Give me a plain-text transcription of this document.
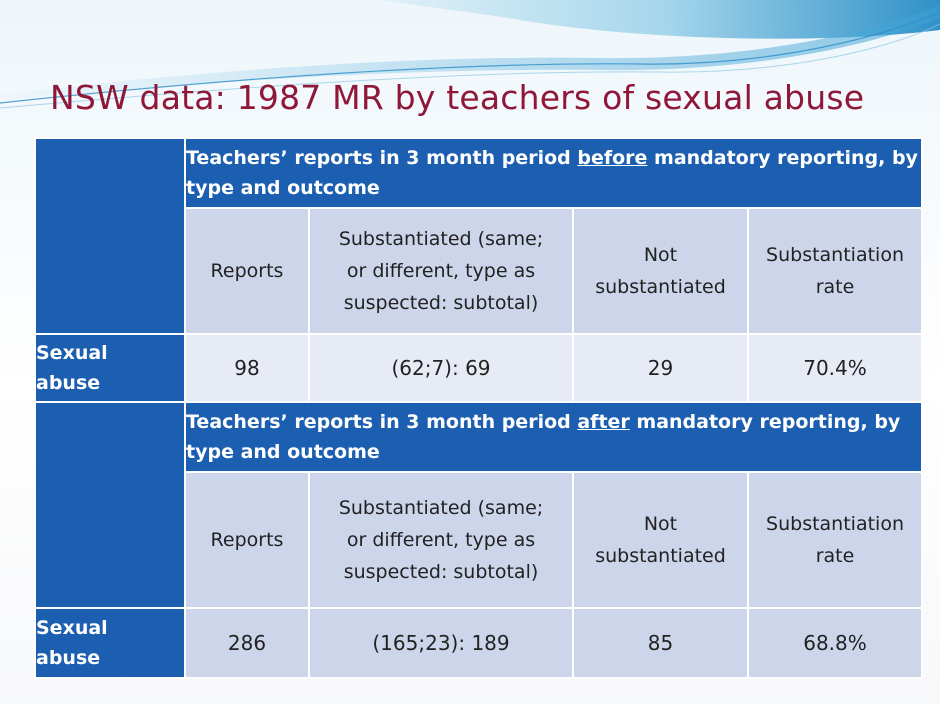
NSW data: 1987 MR by teachers of sexual abuse
	Teachers’ reports in 3 month period before mandatory reporting, by type and outcome			
	Reports	Substantiated (same;
or different, type as
suspected: subtotal)	Not
substantiated	Substantiation
rate
Sexual
abuse	98	(62;7): 69	29	70.4%
	Teachers’ reports in 3 month period after mandatory reporting, by type and outcome			
	Reports	Substantiated (same;
or different, type as
suspected: subtotal)	Not
substantiated	Substantiation
rate
Sexual
abuse	286	(165;23): 189	85	68.8%
